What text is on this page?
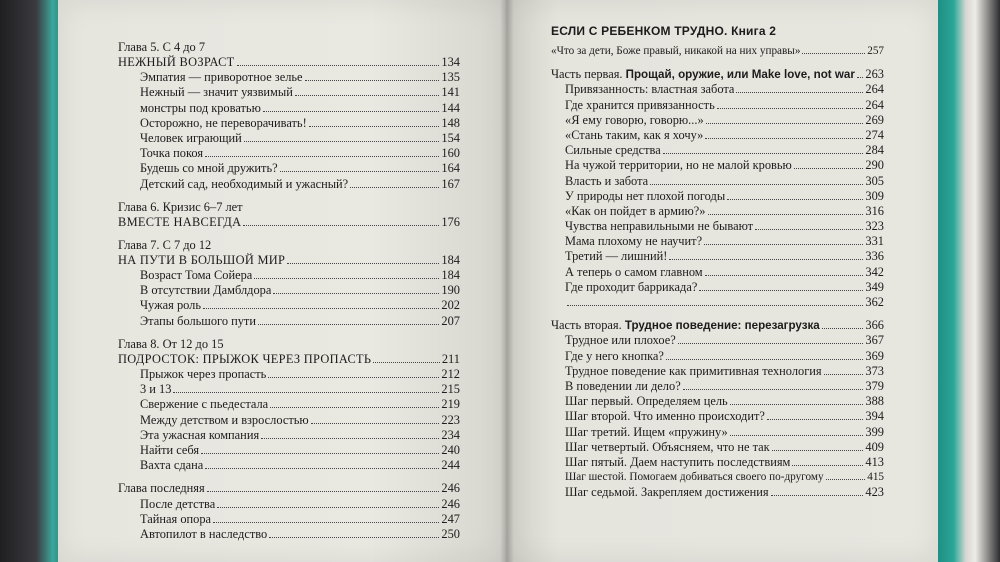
Глава 5. С 4 до 7
НЕЖНЫЙ ВОЗРАСТ	134
Эмпатия — приворотное зелье	135
Нежный — значит уязвимый	141
монстры под кроватью	144
Осторожно, не переворачивать!	148
Человек играющий	154
Точка покоя	160
Будешь со мной дружить?	164
Детский сад, необходимый и ужасный?	167
Глава 6. Кризис 6–7 лет
ВМЕСТЕ НАВСЕГДА	176
Глава 7. С 7 до 12
НА ПУТИ В БОЛЬШОЙ МИР	184
Возраст Тома Сойера	184
В отсутствии Дамблдора	190
Чужая роль	202
Этапы большого пути	207
Глава 8. От 12 до 15
ПОДРОСТОК: ПРЫЖОК ЧЕРЕЗ ПРОПАСТЬ	211
Прыжок через пропасть	212
3 и 13	215
Свержение с пьедестала	219
Между детством и взрослостью	223
Эта ужасная компания	234
Найти себя	240
Вахта сдана	244
Глава последняя	246
После детства	246
Тайная опора	247
Автопилот в наследство	250
ЕСЛИ С РЕБЕНКОМ ТРУДНО. Книга 2
«Что за дети, Боже правый, никакой на них управы»	257
Часть первая. Прощай, оружие, или Make love, not war 263
Привязанность: властная забота	264
Где хранится привязанность	264
«Я ему говорю, говорю...»	269
«Стань таким, как я хочу»	274
Сильные средства	284
На чужой территории, но не малой кровью	290
Власть и забота	305
У природы нет плохой погоды	309
«Как он пойдет в армию?»	316
Чувства неправильными не бывают	323
Мама плохому не научит?	331
Третий — лишний!	336
А теперь о самом главном	342
Где проходит баррикада?	349
362
Часть вторая. Трудное поведение: перезагрузка	366
Трудное или плохое?	367
Где у него кнопка?	369
Трудное поведение как примитивная технология	373
В поведении ли дело?	379
Шаг первый. Определяем цель	388
Шаг второй. Что именно происходит?	394
Шаг третий. Ищем «пружину»	399
Шаг четвертый. Объясняем, что не так	409
Шаг пятый. Даем наступить последствиям	413
Шаг шестой. Помогаем добиваться своего по-другому	415
Шаг седьмой. Закрепляем достижения	423
